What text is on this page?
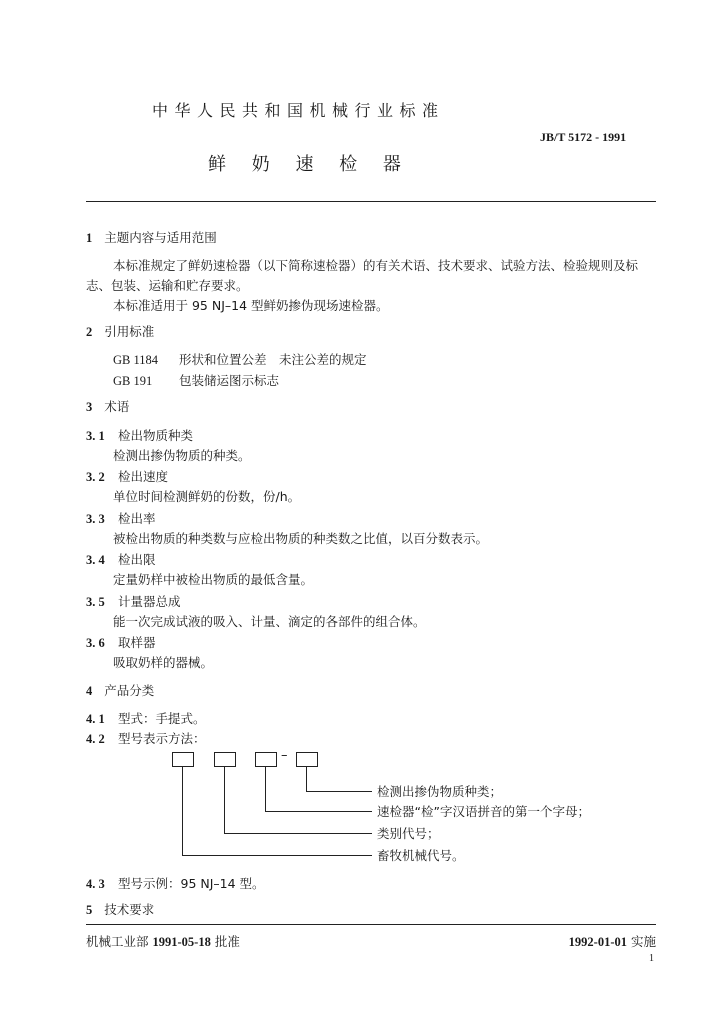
中华人民共和国机械行业标准
JB/T 5172 - 1991
鲜 奶 速 检 器
1 主题内容与适用范围
本标准规定了鲜奶速检器（以下简称速检器）的有关术语、技术要求、试验方法、检验规则及标
志、包装、运输和贮存要求。
本标准适用于 95 NJ–14 型鲜奶掺伪现场速检器。
2 引用标准
GB 1184 形状和位置公差　未注公差的规定
GB 191 包装储运图示标志
3 术语
3. 1 检出物质种类
检测出掺伪物质的种类。
3. 2 检出速度
单位时间检测鲜奶的份数，份/h。
3. 3 检出率
被检出物质的种类数与应检出物质的种类数之比值，以百分数表示。
3. 4 检出限
定量奶样中被检出物质的最低含量。
3. 5 计量器总成
能一次完成试液的吸入、计量、滴定的各部件的组合体。
3. 6 取样器
吸取奶样的器械。
4 产品分类
4. 1 型式：手提式。
4. 2 型号表示方法：
–
检测出掺伪物质种类；
速检器“检”字汉语拼音的第一个字母；
类别代号；
畜牧机械代号。
4. 3 型号示例：95 NJ–14 型。
5 技术要求
机械工业部 1991-05-18 批准	1992-01-01 实施
1
